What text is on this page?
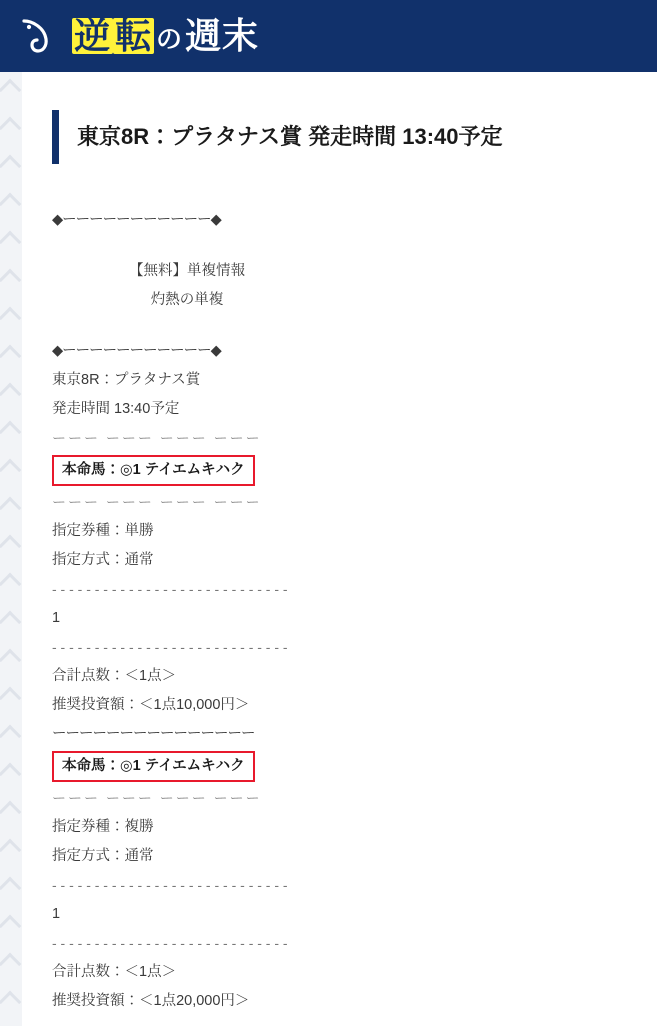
逆 転 の 週末
東京8R：プラタナス賞 発走時間 13:40予定
◆ーーーーーーーーーーー◆
【無料】単複情報
灼熱の単複
◆ーーーーーーーーーーー◆
東京8R：プラタナス賞
発走時間 13:40予定
ーーー ーーー ーーー ーーー
本命馬：◎1 テイエムキハク
ーーー ーーー ーーー ーーー
指定券種：単勝
指定方式：通常
- - - - - - - - - - - - - - - - - - - - - - - - - - - -
1
- - - - - - - - - - - - - - - - - - - - - - - - - - - -
合計点数：＜1点＞
推奨投資額：＜1点10,000円＞
ーーーーーーーーーーーーーーー
本命馬：◎1 テイエムキハク
ーーー ーーー ーーー ーーー
指定券種：複勝
指定方式：通常
- - - - - - - - - - - - - - - - - - - - - - - - - - - -
1
- - - - - - - - - - - - - - - - - - - - - - - - - - - -
合計点数：＜1点＞
推奨投資額：＜1点20,000円＞
